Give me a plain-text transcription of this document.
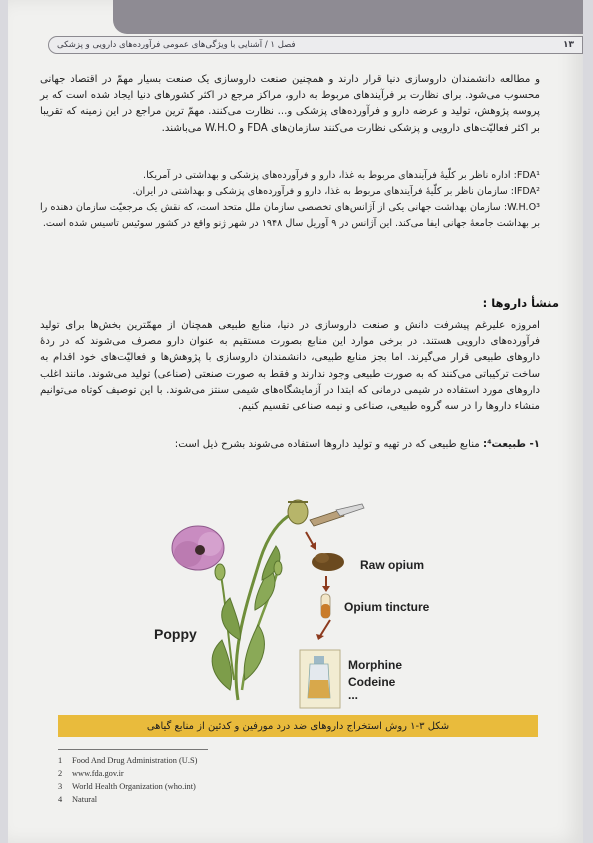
۱۳
فصل ۱ / آشنایی با ویژگی‌های عمومی فرآورده‌های دارویی و پزشکی
و مطالعه دانشمندان داروسازی دنیا قرار دارند و همچنین صنعت داروسازی یک صنعت بسیار مهمّ در اقتصاد جهانی محسوب می‌شود. برای نظارت بر فرآیندهای مربوط به دارو، مراکز مرجع در اکثر کشورهای دنیا ایجاد شده است که بر پروسه پژوهش، تولید و عرضه دارو و فرآورده‌های پزشکی و... نظارت می‌کنند. مهمّ ترین مراجع در این زمینه که تقریبا بر اکثر فعالیّت‌های دارویی و پزشکی نظارت می‌کنند سازمان‌های FDA و W.H.O می‌باشند.
FDA¹: اداره ناظر بر کلّیهٔ فرآیندهای مربوط به غذا، دارو و فرآورده‌های پزشکی و بهداشتی در آمریکا.
IFDA²: سازمان ناظر بر کلّیهٔ فرآیندهای مربوط به غذا، دارو و فرآورده‌های پزشکی و بهداشتی در ایران.
W.H.O³: سازمان بهداشت جهانی یکی از آژانس‌های تخصصی سازمان ملل متحد است، که نقش یک مرجعیّت سازمان دهنده را بر بهداشت جامعهٔ جهانی ایفا می‌کند. این آژانس در ۹ آوریل سال ۱۹۴۸ در شهر ژنو واقع در کشور سوئیس تاسیس شده است.
منشأ داروها :
امروزه علیرغم پیشرفت دانش و صنعت داروسازی در دنیا، منابع طبیعی همچنان از مهمّترین بخش‌ها برای تولید فرآورده‌های دارویی هستند. در برخی موارد این منابع بصورت مستقیم به عنوان دارو مصرف می‌شوند که در ردهٔ داروهای طبیعی قرار می‌گیرند. اما بجز منابع طبیعی، دانشمندان داروسازی با پژوهش‌ها و فعالیّت‌های خود اقدام به ساخت ترکیباتی می‌کنند که به صورت طبیعی وجود ندارند و فقط به صورت صنعتی (صناعی) تولید می‌شوند. مانند اغلب داروهای مورد استفاده در شیمی درمانی که ابتدا در آزمایشگاه‌های شیمی سنتز می‌شوند. با این توصیف کوتاه می‌توانیم منشاء داروها را در سه گروه طبیعی، صناعی و نیمه صناعی تقسیم کنیم.
۱- طبیعت⁴: منابع طبیعی که در تهیه و تولید داروها استفاده می‌شوند بشرح ذیل است:
Poppy
Raw opium
Opium tincture
Morphine
Codeine
...
شکل ۳-۱ روش استخراج داروهای ضد درد مورفین و کدئین از منابع گیاهی
1 Food And Drug Administration (U.S)
2 www.fda.gov.ir
3 World Health Organization (who.int)
4 Natural
